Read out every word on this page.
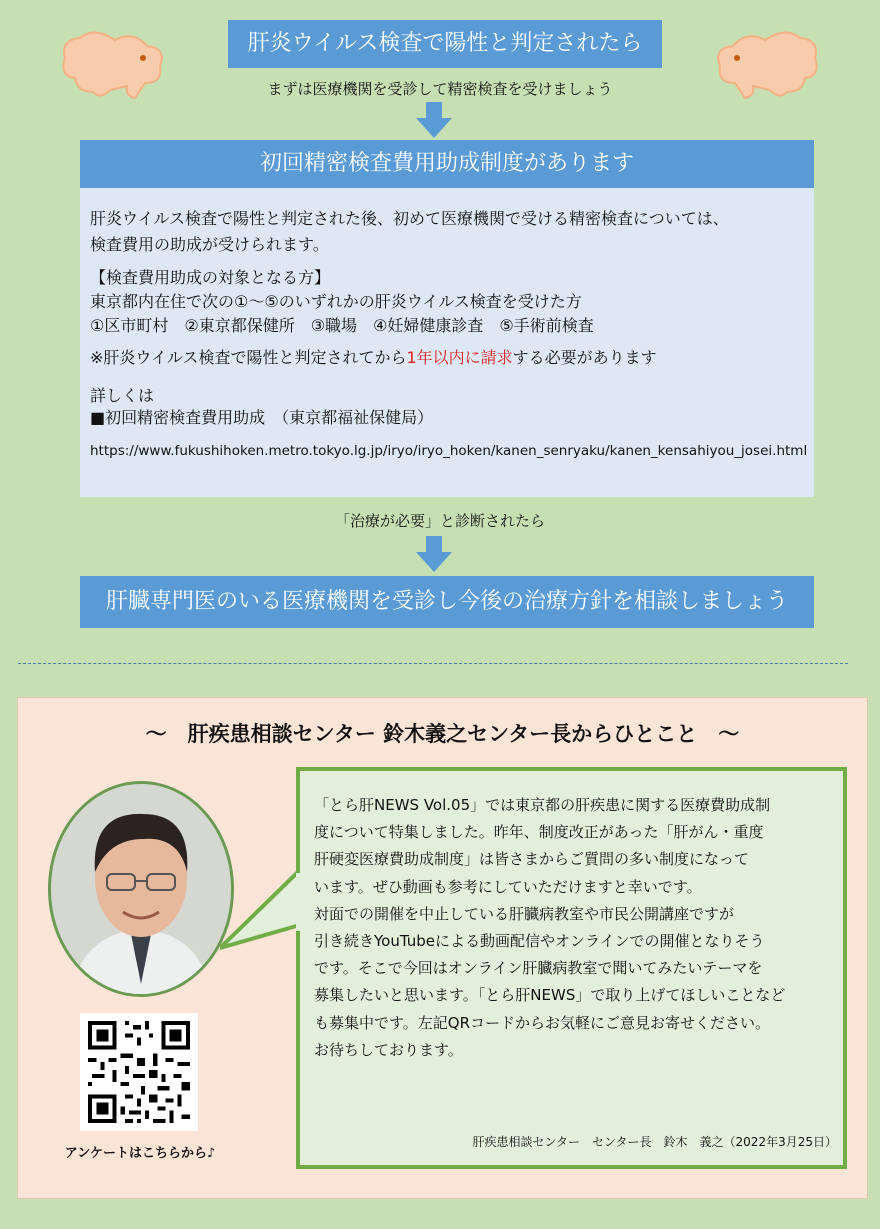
肝炎ウイルス検査で陽性と判定されたら
まずは医療機関を受診して精密検査を受けましょう
初回精密検査費用助成制度があります
肝炎ウイルス検査で陽性と判定された後、初めて医療機関で受ける精密検査については、
検査費用の助成が受けられます。
【検査費用助成の対象となる方】
東京都内在住で次の①～⑤のいずれかの肝炎ウイルス検査を受けた方
①区市町村　②東京都保健所　③職場　④妊婦健康診査　⑤手術前検査
※肝炎ウイルス検査で陽性と判定されてから1年以内に請求する必要があります
詳しくは
■初回精密検査費用助成　（東京都福祉保健局）
https://www.fukushihoken.metro.tokyo.lg.jp/iryo/iryo_hoken/kanen_senryaku/kanen_kensahiyou_josei.html
「治療が必要」と診断されたら
肝臓専門医のいる医療機関を受診し今後の治療方針を相談しましょう
～　肝疾患相談センター 鈴木義之センター長からひとこと　～
「とら肝NEWS Vol.05」では東京都の肝疾患に関する医療費助成制
度について特集しました。昨年、制度改正があった「肝がん・重度
肝硬変医療費助成制度」は皆さまからご質問の多い制度になって
います。ぜひ動画も参考にしていただけますと幸いです。
対面での開催を中止している肝臓病教室や市民公開講座ですが
引き続きYouTubeによる動画配信やオンラインでの開催となりそう
です。そこで今回はオンライン肝臓病教室で聞いてみたいテーマを
募集したいと思います。「とら肝NEWS」で取り上げてほしいことなど
も募集中です。左記QRコードからお気軽にご意見お寄せください。
お待ちしております。
肝疾患相談センター　センター長　鈴木　義之（2022年3月25日）
アンケートはこちらから♪
